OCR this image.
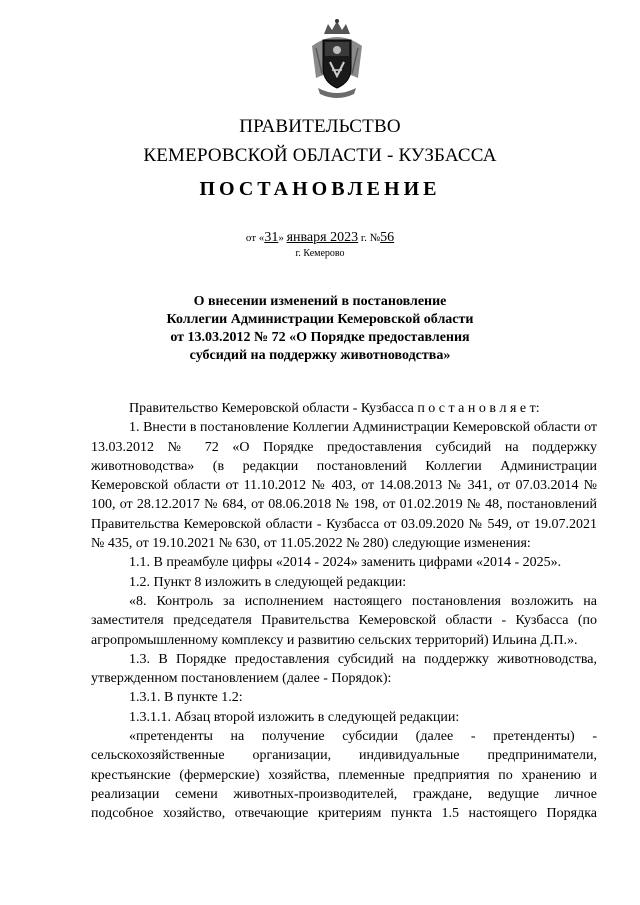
ПРАВИТЕЛЬСТВО
КЕМЕРОВСКОЙ ОБЛАСТИ - КУЗБАССА
ПОСТАНОВЛЕНИЕ
от «31» января 2023 г. №56
г. Кемерово
О внесении изменений в постановление
Коллегии Администрации Кемеровской области
от 13.03.2012 № 72 «О Порядке предоставления
субсидий на поддержку животноводства»

Правительство Кемеровской области - Кузбасса п о с т а н о в л я е т:

1. Внести в постановление Коллегии Администрации Кемеровской области от 13.03.2012 № 72 «О Порядке предоставления субсидий на поддержку животноводства» (в редакции постановлений Коллегии Администрации Кемеровской области от 11.10.2012 № 403, от 14.08.2013 № 341, от 07.03.2014 № 100, от 28.12.2017 № 684, от 08.06.2018 № 198, от 01.02.2019 № 48, постановлений Правительства Кемеровской области - Кузбасса от 03.09.2020 № 549, от 19.07.2021 № 435, от 19.10.2021 № 630, от 11.05.2022 № 280) следующие изменения:

1.1. В преамбуле цифры «2014 - 2024» заменить цифрами «2014 - 2025».

1.2. Пункт 8 изложить в следующей редакции:

«8. Контроль за исполнением настоящего постановления возложить на заместителя председателя Правительства Кемеровской области - Кузбасса (по агропромышленному комплексу и развитию сельских территорий) Ильина Д.П.».

1.3. В Порядке предоставления субсидий на поддержку животноводства, утвержденном постановлением (далее - Порядок):

1.3.1. В пункте 1.2:

1.3.1.1. Абзац второй изложить в следующей редакции:

«претенденты на получение субсидии (далее - претенденты) - сельскохозяйственные организации, индивидуальные предприниматели, крестьянские (фермерские) хозяйства, племенные предприятия по хранению и реализации семени животных-производителей, граждане, ведущие личное подсобное хозяйство, отвечающие критериям пункта 1.5 настоящего Порядка
